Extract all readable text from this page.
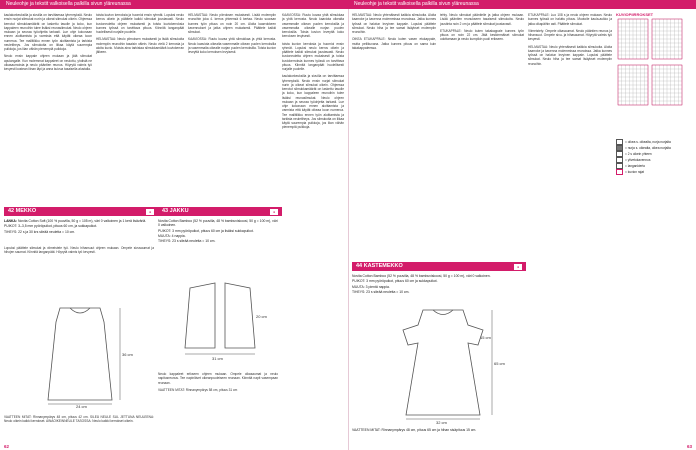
Neuleohje ja tekstit valkoisella palkilla sivun yläreunassa

kaulakorkeuksilla ja sivuilla on tarvittaessa lyhennyksiä. Neulo ensin nurjat silmukat nurin ja oikeat silmukat oikein. Ohjeessa kerrotut silmukkamäärät on laskettu tasolle ja koko, kun kappaleen reunoihin tulee lisäksi reunasilmukat. Neulo ohjeen mukaan ja seuraa työohjetta tarkasti. Lue ohje kokonaan ennen aloittamista ja varmista että käytät oikeaa koon numeroa. Tee mallitilkku ennen työn aloittamista ja tarkista neuletiheys. Jos silmukoita on liikaa käytä suurempia puikkoja, jos liian vähän pienempiä puikkoja.

Neulo ensin kappale ohjeen mukaan ja jätä silmukat apulangalle. Kun molemmat kappaleet on neulottu, yhdistä ne olkasaumoista ja neulo pääntien reunus. Höyrytä valmis työ kevyesti kostean liinan läpi ja anna kuivua tasaisella alustalla.

toista kuvion kerroksia ja huomioi ensin ryhmät. Lopuksi neulo kerros oikein ja päättele kaikki silmukat joustavasti. Neulo kuvioneuletta ohjeen mukaisesti ja toista kuviokerroksia kunnes työssä on tarvittava pituus. Kiinnitä langanpäät huolellisesti nurjalle puolelle.

HELMASTAA: Neulo piirroksen mukaisesti ja lisää silmukoita molempiin reunoihin tasaisin välein. Neulo vielä 2 kerrosta ja aloita kuvio. Muista aina tarkistaa silmukkamäärä kuviokerran jälkeen.

HELMASTAA: Neulo piirroksen mukaisesti. Lisää molempiin reunoihin joka 4. kerros yhteensä 6 kertaa. Neulo suoraan kunnes työn pituus on noin 20 cm. Aloita kaarrokkeen kavennukset ja jatka ohjeen mukaisesti. Päättele kaikki silmukat.

KAAVIOSSA: Ruutu kuvaa yhtä silmukkaa ja yhtä kerrosta. Neulo kaaviota oikealta vasemmalle oikean puolen kerroksilla ja vasemmalta oikealle nurjan puolen kerroksilla. Toista kuvion leveyttä koko kerroksen levyisesti.

42 MEKKO	●

LANKA: Novita Cotton Soft (100 % puuvilla, 50 g = 105 m), väri 0 valkoinen ja 1 kerä lisäväriä.

PUIKOT: 3–3,5 mm pyöröpuikot, pituus 60 cm, ja sukkapuikot.

TIHEYS: 22 s ja 30 krs sileää neuletta = 10 cm.

Lopuksi päättele silmukat ja viimeistele työ. Neulo hihansuut ohjeen mukaan. Ompele sivusaumat ja hihojen saumat. Kiinnitä langanpäät. Höyrytä valmis työ kevyesti.

24 cm
36 cm

VAATTEEN MITAT: Rinnanympärys 48 cm, pituus 42 cm. SILEÄ NEULE SUL JETTUNA NEULEENA: Neulo oikein kaikki kerrokset. AINAOIKEINNEULE TASOSSA: Neulo kaikki kerrokset oikein.

43 JAKKU	●

Novita Cotton Bamboo (52 % puuvilla, 48 % bambuviskoosi, 50 g = 100 m), väri 0 valkoinen.

PUIKOT: 3 mm pyöröpuikot, pituus 60 cm ja lisäksi sukkapuikot.

MUUTA: 4 nappia.

TIHEYS: 23 s sileää neuletta = 10 cm.

31 cm
20 cm

Neulo kappaleet erikseen ohjeen mukaan. Ompele olkasaumat ja neulo napitusreunus. Tee napinlävet oikeanpuoleiseen reunaan. Kiinnitä napit vasempaan reunaan.

VAATTEEN MITAT: Rinnanympärys 58 cm, pituus 31 cm

KAAVIOSSA: Ruutu kuvaa yhtä silmukkaa ja yhtä kerrosta. Neulo kaaviota oikealta vasemmalle oikean puolen kerroksilla ja vasemmalta oikealle nurjan puolen kerroksilla. Toista kuvion leveyttä koko kerroksen levyisesti.

toista kuvion kerroksia ja huomioi ensin ryhmät. Lopuksi neulo kerros oikein ja päättele kaikki silmukat joustavasti. Neulo kuvioneuletta ohjeen mukaisesti ja toista kuviokerroksia kunnes työssä on tarvittava pituus. Kiinnitä langanpäät huolellisesti nurjalle puolelle.

kaulakorkeuksilla ja sivuilla on tarvittaessa lyhennyksiä. Neulo ensin nurjat silmukat nurin ja oikeat silmukat oikein. Ohjeessa kerrotut silmukkamäärät on laskettu tasolle ja koko, kun kappaleen reunoihin tulee lisäksi reunasilmukat. Neulo ohjeen mukaan ja seuraa työohjetta tarkasti. Lue ohje kokonaan ennen aloittamista ja varmista että käytät oikeaa koon numeroa. Tee mallitilkku ennen työn aloittamista ja tarkista neuletiheys. Jos silmukoita on liikaa käytä suurempia puikkoja, jos liian vähän pienempiä puikkoja.

62
Neuleohje ja tekstit valkoisella palkilla sivun yläreunassa

HELMASTAA: Neulo yhtenäisesti kaikkia silmukoita. Aloita kaarroke ja kavenna molemmissa reunoissa. Jatka kunnes työssä on halutun levyinen kappale. Lopuksi päättele silmukat. Neulo hiha ja tee samat lisäykset molempiin reunoihin.

OIKEA ETUKAPPALE: Neulo kuten vasen etukappale, mutta peilikuvana. Jatka kunnes pituus on sama kuin takakappaleessa.

tehty. Neulo silmukat pääntielle ja jatka ohjeen mukaan. Lisää pääntien reunukseen tasaisesti silmukoita. Neulo joustinta noin 2 cm ja päättele silmukat joustavasti.

ETUKAPPALE: Neulo kuten takakappale kunnes työn pituus on noin 22 cm. Jätä keskimmäiset silmukat odottamaan ja neulo kumpikin puoli erikseen.

ETUKAPPALE: Luo 108 s ja neulo ohjeen mukaan. Neulo kunnes työssä on haluttu pituus. Muotoile kaula-aukko ja jatka olkapäihin asti. Päättele silmukat.

Viimeistely: Ompele olkasaumat. Neulo pääntien reunus ja hihansuut. Ompele sivu- ja hihasaumat. Höyrytä valmis työ kevyesti.

HELMASTAA: Neulo yhtenäisesti kaikkia silmukoita. Aloita kaarroke ja kavenna molemmissa reunoissa. Jatka kunnes työssä on halutun levyinen kappale. Lopuksi päättele silmukat. Neulo hiha ja tee samat lisäykset molempiin reunoihin.

KUVIOPIIRROKSET
= oikea s. oikealta, nurja nurjalta
= nurja s. oikealta, oikea nurjalta
= 2 s oikein yhteen
= ylivetokavennus
= langankierto
= kuvion rajat
44 KASTEMEKKO	●

Novita Cotton Bamboo (52 % puuvilla, 48 % bambuviskoosi, 50 g = 100 m), väri 0 valkoinen.

PUIKOT: 3 mm pyöröpuikot, pituus 60 cm ja sukkapuikot.

MUUTA: 3 pientä nappia.

TIHEYS: 23 s sileää neuletta = 10 cm.

32 cm
65 cm
15 cm

VAATTEEN MITAT: Rinnanympärys 48 cm, pituus 65 cm ja hihan sisäpituus 15 cm.

63
